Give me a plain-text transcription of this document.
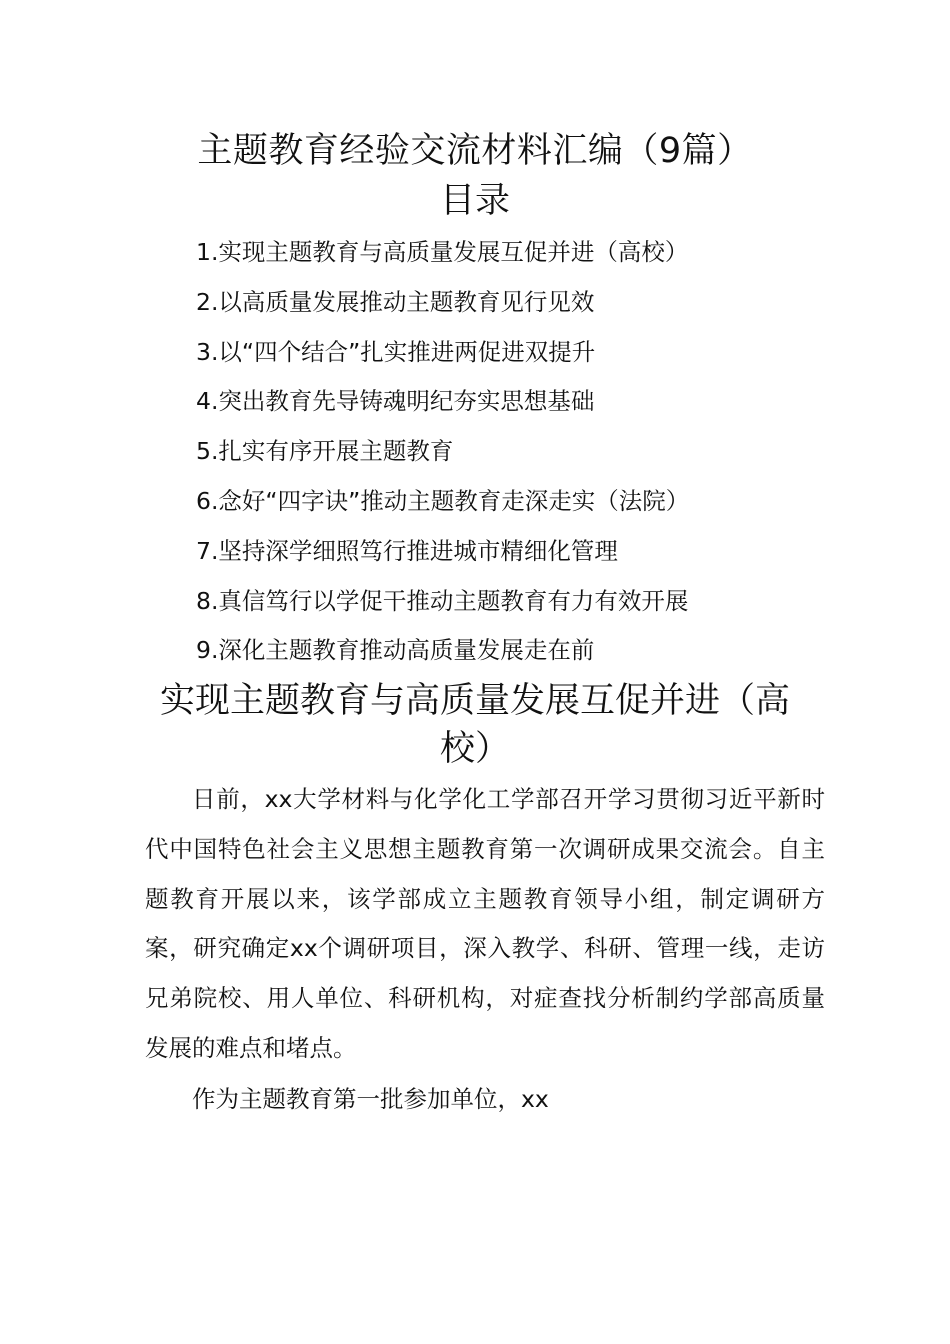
主题教育经验交流材料汇编（9篇）
目录
1.实现主题教育与高质量发展互促并进（高校）
2.以高质量发展推动主题教育见行见效
3.以“四个结合”扎实推进两促进双提升
4.突出教育先导铸魂明纪夯实思想基础
5.扎实有序开展主题教育
6.念好“四字诀”推动主题教育走深走实（法院）
7.坚持深学细照笃行推进城市精细化管理
8.真信笃行以学促干推动主题教育有力有效开展
9.深化主题教育推动高质量发展走在前
实现主题教育与高质量发展互促并进（高校）

日前，xx大学材料与化学化工学部召开学习贯彻习近平新时代中国特色社会主义思想主题教育第一次调研成果交流会。自主题教育开展以来，该学部成立主题教育领导小组，制定调研方案，研究确定xx个调研项目，深入教学、科研、管理一线，走访兄弟院校、用人单位、科研机构，对症查找分析制约学部高质量发展的难点和堵点。

作为主题教育第一批参加单位，xx
